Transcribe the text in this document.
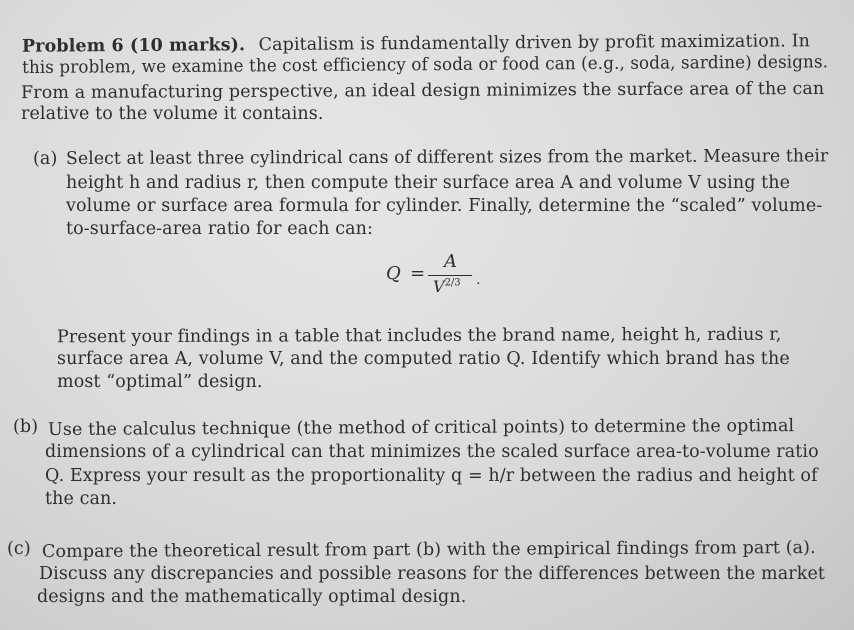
Problem 6 (10 marks). Capitalism is fundamentally driven by profit maximization. In
this problem, we examine the cost efficiency of soda or food can (e.g., soda, sardine) designs.
From a manufacturing perspective, an ideal design minimizes the surface area of the can
relative to the volume it contains.
(a) Select at least three cylindrical cans of different sizes from the market. Measure their
height h and radius r, then compute their surface area A and volume V using the
volume or surface area formula for cylinder. Finally, determine the “scaled” volume-
to-surface-area ratio for each can:
Q =
A
$V^{2/3}$ .
Present your findings in a table that includes the brand name, height h, radius r,
surface area A, volume V, and the computed ratio Q. Identify which brand has the
most “optimal” design.
(b) Use the calculus technique (the method of critical points) to determine the optimal
dimensions of a cylindrical can that minimizes the scaled surface area-to-volume ratio
Q. Express your result as the proportionality q = h/r between the radius and height of
the can.
(c) Compare the theoretical result from part (b) with the empirical findings from part (a).
Discuss any discrepancies and possible reasons for the differences between the market
designs and the mathematically optimal design.
